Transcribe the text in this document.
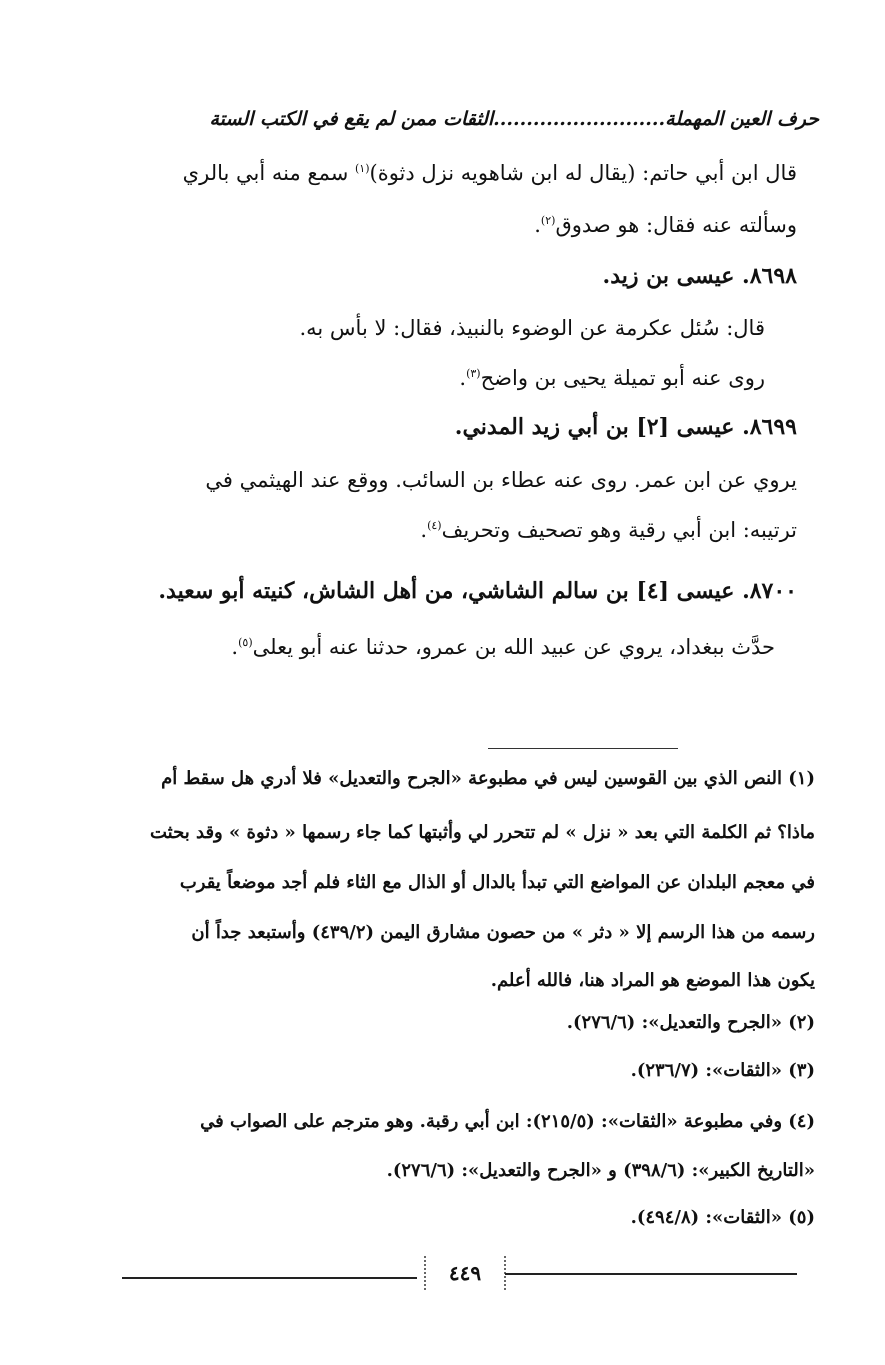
حرف العين المهملة..........................الثقات ممن لم يقع في الكتب الستة
قال ابن أبي حاتم: (يقال له ابن شاهويه نزل دثوة)$^{(١)}$ سمع منه أبي بالري
وسألته عنه فقال: هو صدوق$^{(٢)}$.
٨٦٩٨. عيسى بن زيد.
قال: سُئل عكرمة عن الوضوء بالنبيذ، فقال: لا بأس به.
روى عنه أبو تميلة يحيى بن واضح$^{(٣)}$.
٨٦٩٩. عيسى [٢] بن أبي زيد المدني.
يروي عن ابن عمر. روى عنه عطاء بن السائب. ووقع عند الهيثمي في
ترتيبه: ابن أبي رقية وهو تصحيف وتحريف$^{(٤)}$.
٨٧٠٠. عيسى [٤] بن سالم الشاشي، من أهل الشاش، كنيته أبو سعيد.
حدَّث ببغداد، يروي عن عبيد الله بن عمرو، حدثنا عنه أبو يعلى$^{(٥)}$.
(١) النص الذي بين القوسين ليس في مطبوعة «الجرح والتعديل» فلا أدري هل سقط أم
ماذا؟ ثم الكلمة التي بعد « نزل » لم تتحرر لي وأثبتها كما جاء رسمها « دثوة » وقد بحثت
في معجم البلدان عن المواضع التي تبدأ بالدال أو الذال مع الثاء فلم أجد موضعاً يقرب
رسمه من هذا الرسم إلا « دثر » من حصون مشارق اليمن (٤٣٩/٢) وأستبعد جداً أن
يكون هذا الموضع هو المراد هنا، فالله أعلم.
(٢) «الجرح والتعديل»: (٢٧٦/٦).
(٣) «الثقات»: (٢٣٦/٧).
(٤) وفي مطبوعة «الثقات»: (٢١٥/٥): ابن أبي رقبة. وهو مترجم على الصواب في
«التاريخ الكبير»: (٣٩٨/٦) و «الجرح والتعديل»: (٢٧٦/٦).
(٥) «الثقات»: (٤٩٤/٨).
٤٤٩
